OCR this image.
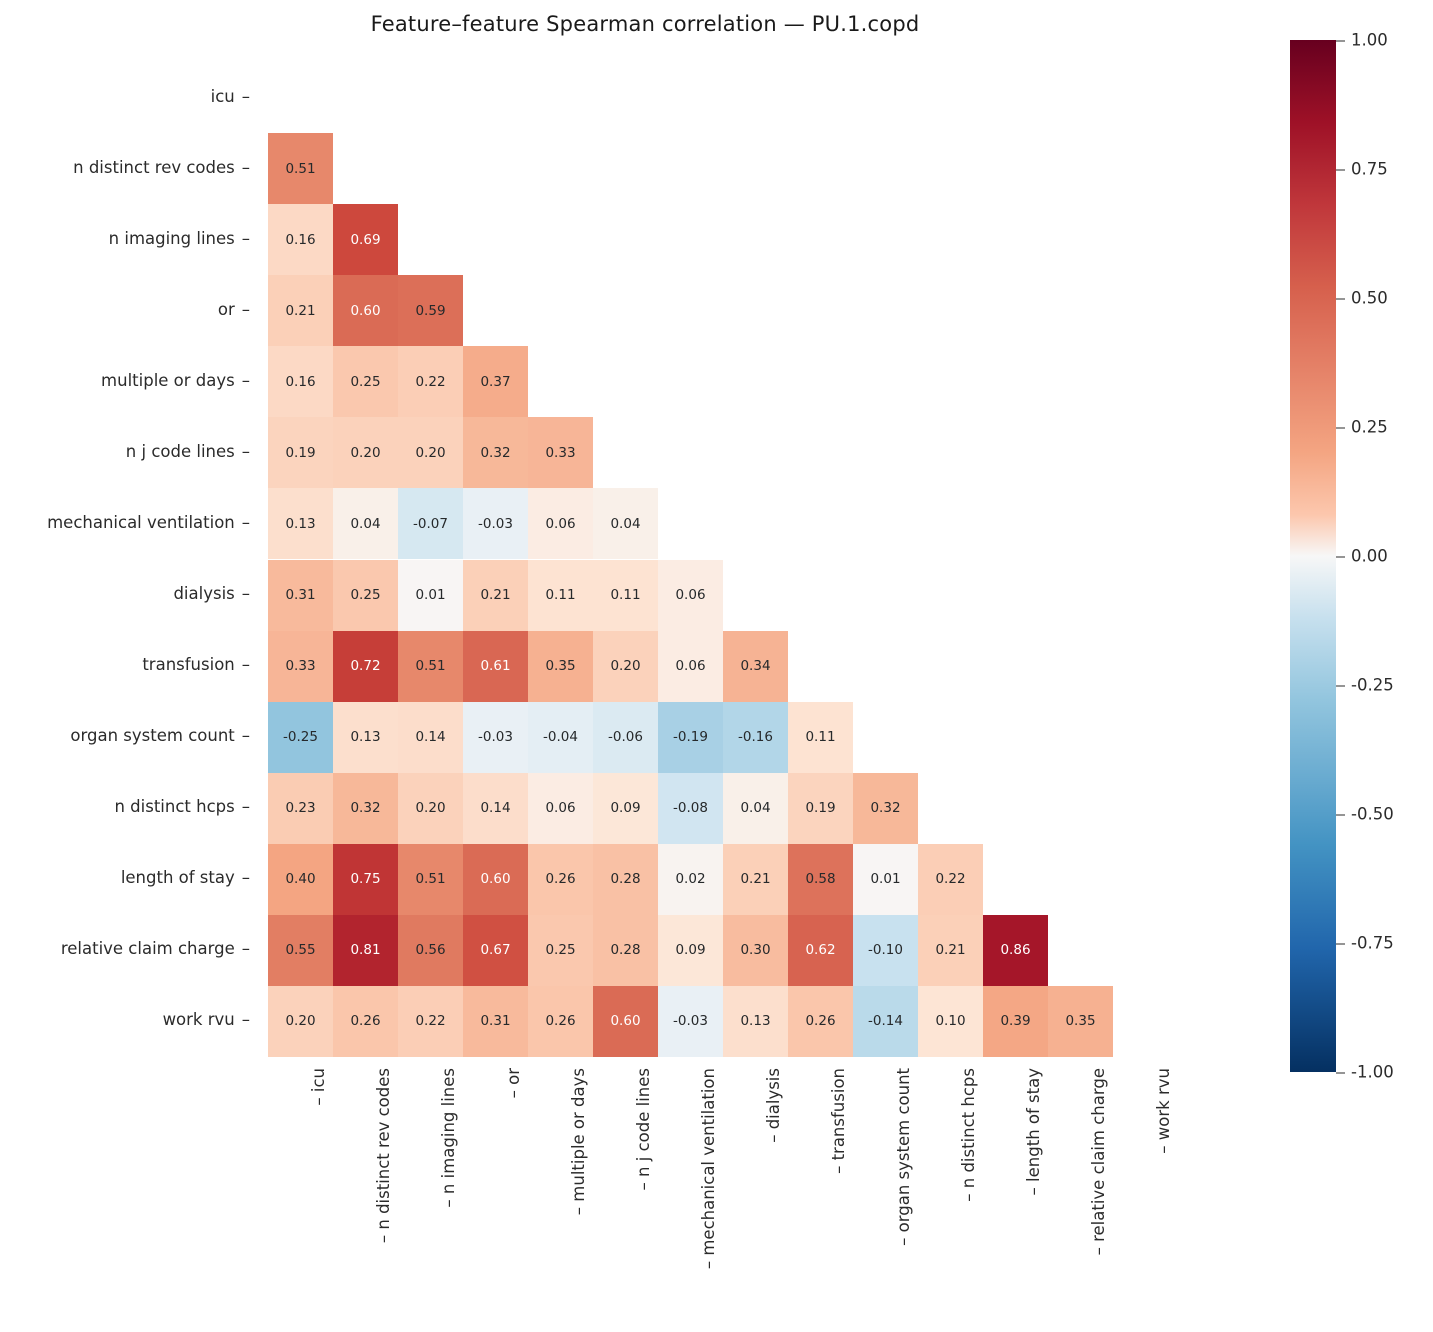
Feature–feature Spearman correlation — PU.1.copd
0.51
0.16	0.69
0.21	0.60	0.59
0.16	0.25	0.22	0.37
0.19	0.20	0.20	0.32	0.33
0.13	0.04	-0.07	-0.03	0.06	0.04
0.31	0.25	0.01	0.21	0.11	0.11	0.06
0.33	0.72	0.51	0.61	0.35	0.20	0.06	0.34
-0.25	0.13	0.14	-0.03	-0.04	-0.06	-0.19	-0.16	0.11
0.23	0.32	0.20	0.14	0.06	0.09	-0.08	0.04	0.19	0.32
0.40	0.75	0.51	0.60	0.26	0.28	0.02	0.21	0.58	0.01	0.22
0.55	0.81	0.56	0.67	0.25	0.28	0.09	0.30	0.62	-0.10	0.21	0.86
0.20	0.26	0.22	0.31	0.26	0.60	-0.03	0.13	0.26	-0.14	0.10	0.39	0.35
1.00
0.75
0.50
0.25
0.00
-0.25
-0.50
-0.75
-1.00
icu –
n distinct rev codes –
n imaging lines –
or –
multiple or days –
n j code lines –
mechanical ventilation –
dialysis –
transfusion –
organ system count –
n distinct hcps –
length of stay –
relative claim charge –
work rvu –
– icu	– n distinct rev codes	– n imaging lines	– or	– multiple or days	– n j code lines	– mechanical ventilation	– dialysis	– transfusion	– organ system count	– n distinct hcps	– length of stay	– relative claim charge	– work rvu
